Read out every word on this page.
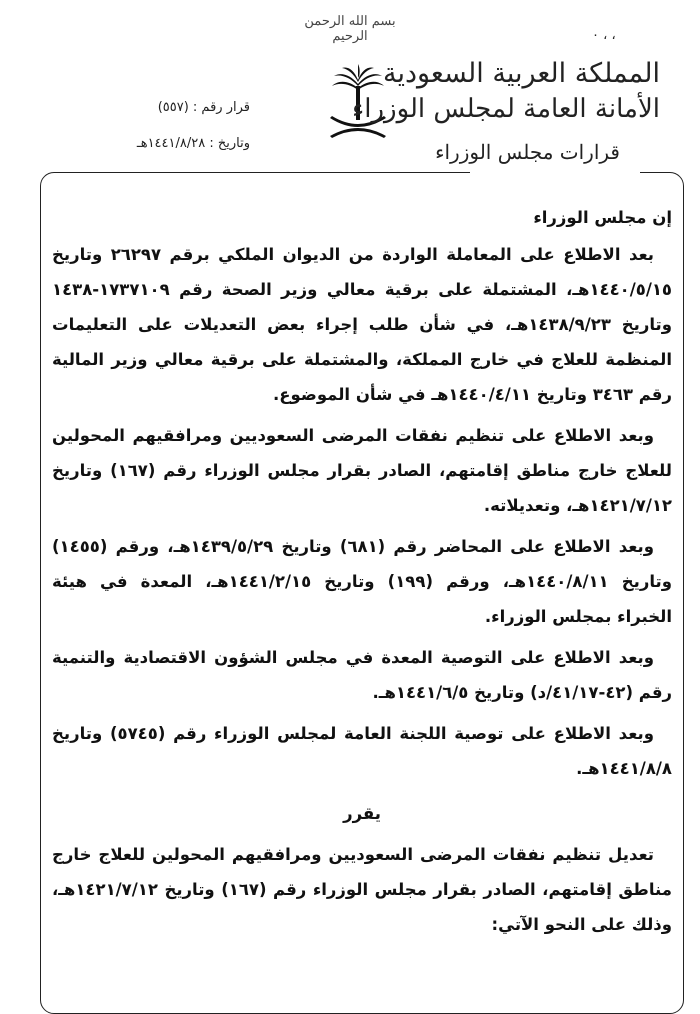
بسم الله الرحمن الرحيم	٠ ، ،
المملكة العربية السعودية
الأمانة العامة لمجلس الوزراء
قرارات مجلس الوزراء
قرار رقم : (٥٥٧)
وتاريخ : ١٤٤١/٨/٢٨هـ

إن مجلس الوزراء

بعد الاطلاع على المعاملة الواردة من الديوان الملكي برقم ٢٦٢٩٧ وتاريخ ١٤٤٠/٥/١٥هـ، المشتملة على برقية معالي وزير الصحة رقم ١٧٣٧١٠٩-١٤٣٨ وتاريخ ١٤٣٨/٩/٢٣هـ، في شأن طلب إجراء بعض التعديلات على التعليمات المنظمة للعلاج في خارج المملكة، والمشتملة على برقية معالي وزير المالية رقم ٣٤٦٣ وتاريخ ١٤٤٠/٤/١١هـ في شأن الموضوع.

وبعد الاطلاع على تنظيم نفقات المرضى السعوديين ومرافقيهم المحولين للعلاج خارج مناطق إقامتهم، الصادر بقرار مجلس الوزراء رقم (١٦٧) وتاريخ ١٤٢١/٧/١٢هـ، وتعديلاته.

وبعد الاطلاع على المحاضر رقم (٦٨١) وتاريخ ١٤٣٩/٥/٢٩هـ، ورقم (١٤٥٥) وتاريخ ١٤٤٠/٨/١١هـ، ورقم (١٩٩) وتاريخ ١٤٤١/٢/١٥هـ، المعدة في هيئة الخبراء بمجلس الوزراء.

وبعد الاطلاع على التوصية المعدة في مجلس الشؤون الاقتصادية والتنمية رقم (٤٢-٤١/١٧/د) وتاريخ ١٤٤١/٦/٥هـ.

وبعد الاطلاع على توصية اللجنة العامة لمجلس الوزراء رقم (٥٧٤٥) وتاريخ ١٤٤١/٨/٨هـ.

يقرر

تعديل تنظيم نفقات المرضى السعوديين ومرافقيهم المحولين للعلاج خارج مناطق إقامتهم، الصادر بقرار مجلس الوزراء رقم (١٦٧) وتاريخ ١٤٢١/٧/١٢هـ، وذلك على النحو الآتي:
